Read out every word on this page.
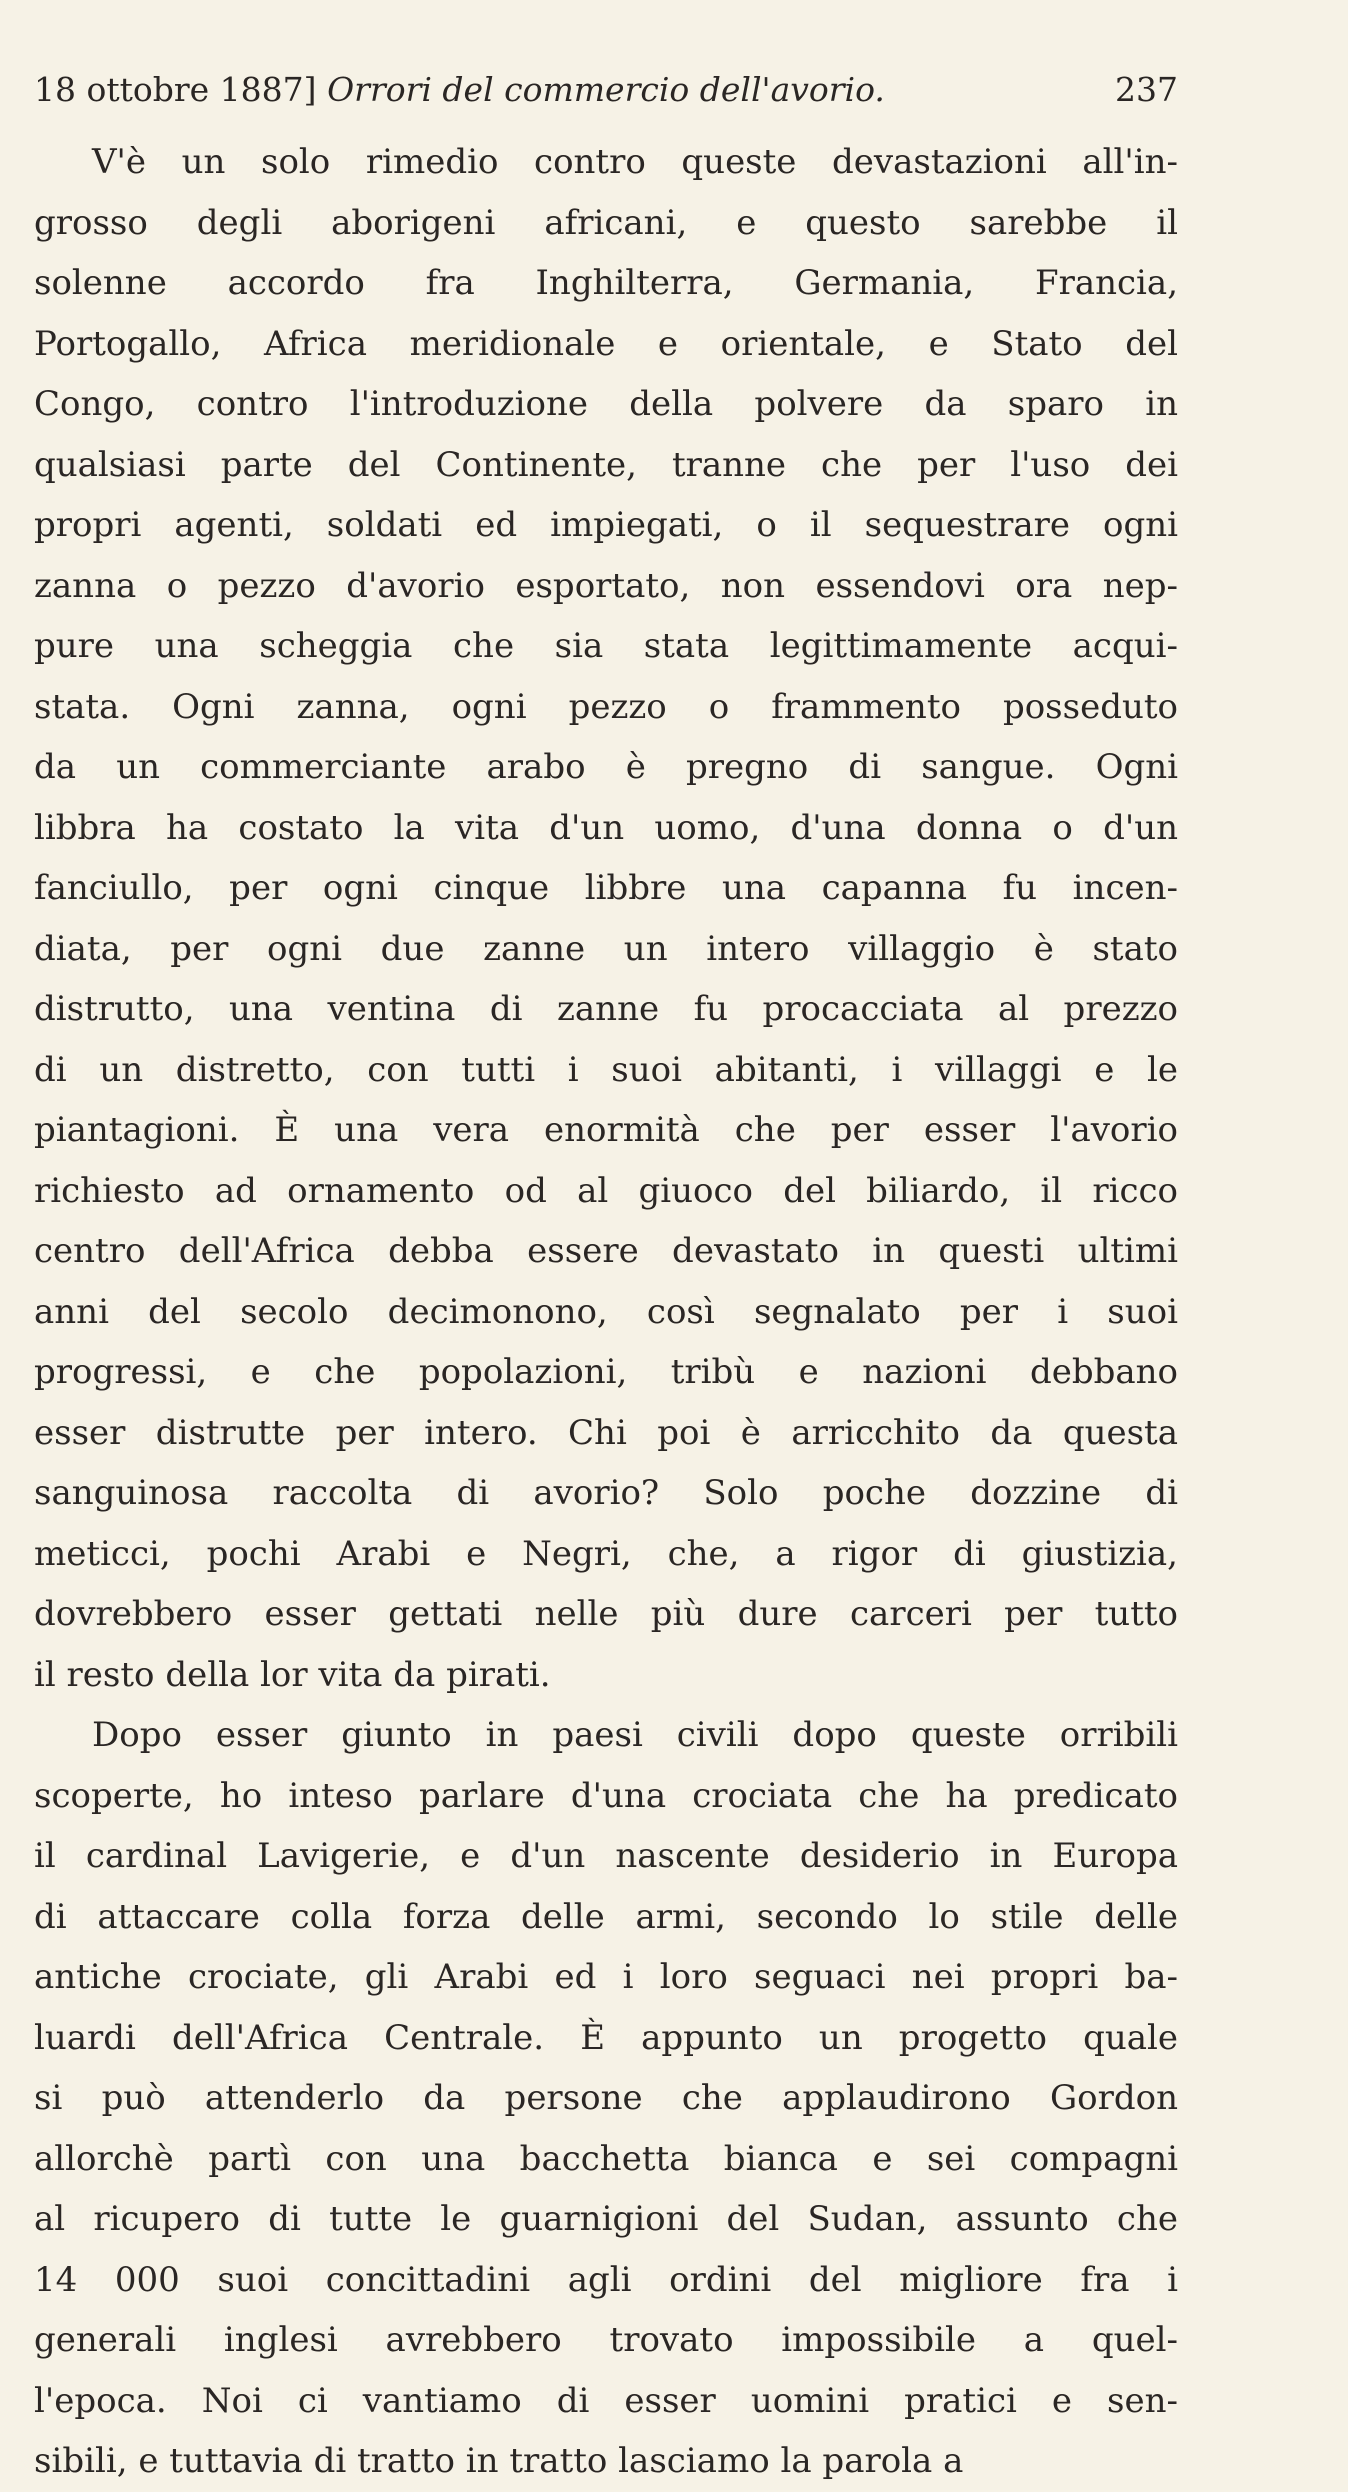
18 ottobre 1887] Orrori del commercio dell'avorio.	237
V'è un solo rimedio contro queste devastazioni all'in-
grosso degli aborigeni africani, e questo sarebbe il
solenne accordo fra Inghilterra, Germania, Francia,
Portogallo, Africa meridionale e orientale, e Stato del
Congo, contro l'introduzione della polvere da sparo in
qualsiasi parte del Continente, tranne che per l'uso dei
propri agenti, soldati ed impiegati, o il sequestrare ogni
zanna o pezzo d'avorio esportato, non essendovi ora nep-
pure una scheggia che sia stata legittimamente acqui-
stata. Ogni zanna, ogni pezzo o frammento posseduto
da un commerciante arabo è pregno di sangue. Ogni
libbra ha costato la vita d'un uomo, d'una donna o d'un
fanciullo, per ogni cinque libbre una capanna fu incen-
diata, per ogni due zanne un intero villaggio è stato
distrutto, una ventina di zanne fu procacciata al prezzo
di un distretto, con tutti i suoi abitanti, i villaggi e le
piantagioni. È una vera enormità che per esser l'avorio
richiesto ad ornamento od al giuoco del biliardo, il ricco
centro dell'Africa debba essere devastato in questi ultimi
anni del secolo decimonono, così segnalato per i suoi
progressi, e che popolazioni, tribù e nazioni debbano
esser distrutte per intero. Chi poi è arricchito da questa
sanguinosa raccolta di avorio? Solo poche dozzine di
meticci, pochi Arabi e Negri, che, a rigor di giustizia,
dovrebbero esser gettati nelle più dure carceri per tutto
il resto della lor vita da pirati.
Dopo esser giunto in paesi civili dopo queste orribili
scoperte, ho inteso parlare d'una crociata che ha predicato
il cardinal Lavigerie, e d'un nascente desiderio in Europa
di attaccare colla forza delle armi, secondo lo stile delle
antiche crociate, gli Arabi ed i loro seguaci nei propri ba-
luardi dell'Africa Centrale. È appunto un progetto quale
si può attenderlo da persone che applaudirono Gordon
allorchè partì con una bacchetta bianca e sei compagni
al ricupero di tutte le guarnigioni del Sudan, assunto che
14 000 suoi concittadini agli ordini del migliore fra i
generali inglesi avrebbero trovato impossibile a quel-
l'epoca. Noi ci vantiamo di esser uomini pratici e sen-
sibili, e tuttavia di tratto in tratto lasciamo la parola a
